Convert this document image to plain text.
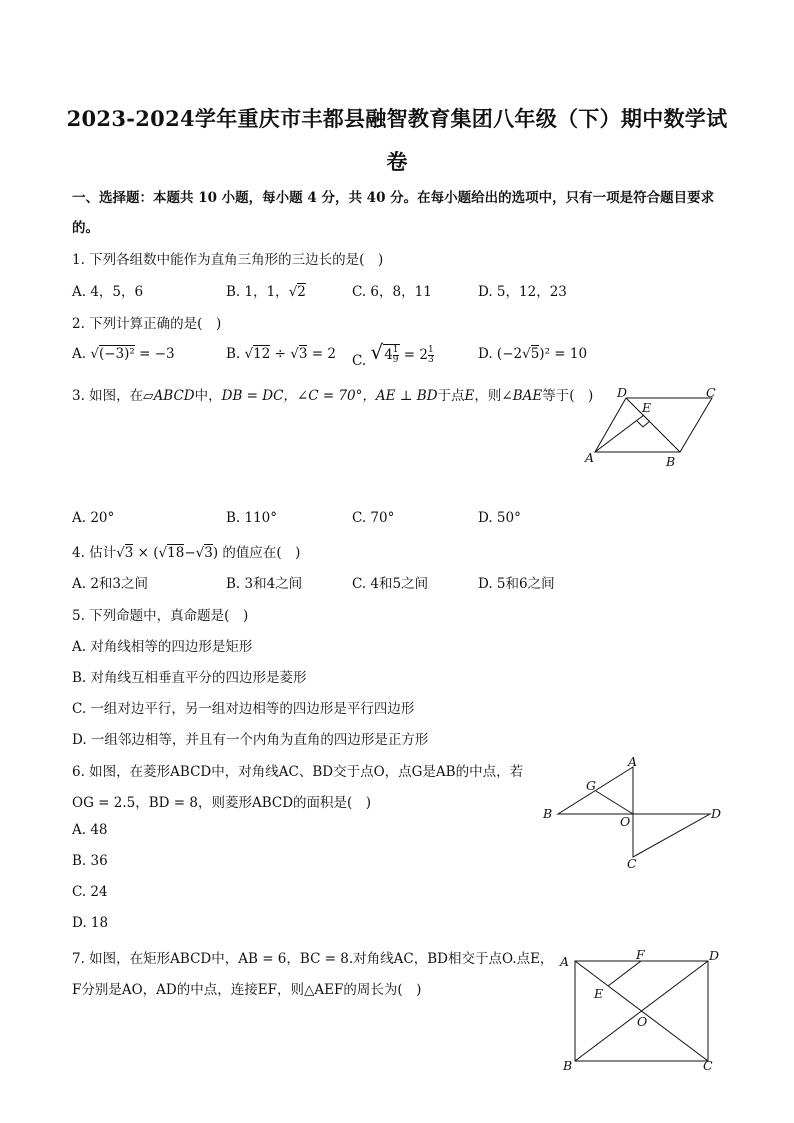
2023-2024学年重庆市丰都县融智教育集团八年级（下）期中数学试
卷
一、选择题：本题共 10 小题，每小题 4 分，共 40 分。在每小题给出的选项中，只有一项是符合题目要求
的。
1. 下列各组数中能作为直角三角形的三边长的是(　)
A. 4，5，6	B. 1，1，√2	C. 6，8，11	D. 5，12，23
2. 下列计算正确的是(　)
A. √(−3)² = −3	B. √12 ÷ √3 = 2 C. $√4 \frac{1}{9} = 2 \frac{1}{3}$	D. (−2√5)² = 10
3. 如图，在▱ABCD中，DB = DC，∠C = 70°，AE ⊥ BD于点E，则∠BAE等于(　) D	C
E
A	B
A. 20°	B. 110°	C. 70°	D. 50°
4. 估计√3 × (√18−√3) 的值应在(　)
A. 2和3之间	B. 3和4之间	C. 4和5之间	D. 5和6之间
5. 下列命题中，真命题是(　)
A. 对角线相等的四边形是矩形
B. 对角线互相垂直平分的四边形是菱形
C. 一组对边平行，另一组对边相等的四边形是平行四边形
D. 一组邻边相等，并且有一个内角为直角的四边形是正方形
6. 如图，在菱形ABCD中，对角线AC、BD交于点O，点G是AB的中点，若
OG = 2.5，BD = 8，则菱形ABCD的面积是(　)
A
B	D
C
G
O
A. 48
B. 36
C. 24
D. 18
7. 如图，在矩形ABCD中，AB = 6，BC = 8.对角线AC，BD相交于点O.点E，
F分别是AO，AD的中点，连接EF，则△AEF的周长为(　)
A	D
F
E
O
B	C
